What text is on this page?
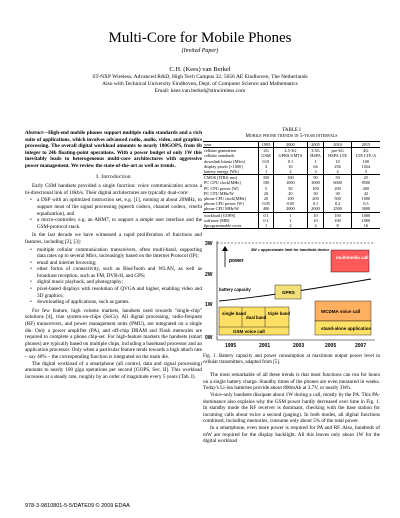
Multi-Core for Mobile Phones
(Invited Paper)
C.H. (Kees) van Berkel
ST-NXP Wireless, Advanced R&D, High Tech Campus 32, 5656 AE Eindhoven, The Netherlands
Also with Technical University Eindhoven, Dept. of Computer Science and Mathematics
Email: kees.van.berkel@stnwireless.com
Abstract—High-end mobile phones support multiple radio standards and a rich suite of applications, which involves advanced radio, audio, video, and graphics processing. The overall digital workload amounts to nearly 100GOPS, from 6b integer to 24b floating-point operations. With a power budget of only 1W this inevitably leads to heterogeneous multi-core architectures with aggressive power management. We review the state-of-the-art as well as trends.
I. Introduction

Early GSM handsets provided a single function: voice communication across a bi-directional link of 10kb/s. Their digital architectures are typically dual-core:

• a DSP with an optimized instruction set, e.g. [1], running at about 20MHz, to support most of the signal processing (speech codecs, channel codecs, viterbi equalization), and
• a micro-controller, e.g. an ARM7, to support a simple user interface and the GSM-protocol stack.

In the last decade we have witnessed a rapid proliferation of functions and features, including [2], [3]:

• multiple cellular communication transceivers, often multi-band, supporting data rates up to several Mb/s, increasingly based on the Internet Protocol (IP);
• email and internet browsing;
• other forms of connectivity, such as BlueTooth and WLAN, as well as broadcast reception, such as FM, DVB-H, and GPS;
• digital music playback, and photography;
• pixel-based displays with resolution of QVGA and higher, enabling video and 3D graphics;
• downloading of applications, such as games.

For few feature, high volume markets, handsets used towards "single-chip" solutions [4], true system-on-chips (SoCs). All digital processing, radio-frequent (RF) transceivers, and power management units (PMU), are integrated on a single die. Only a power amplifier (PA), and off-chip DRAM and Flash memories are required to complete a phone chip-set. For high-feature markets the handsets (smart phones) are typically based on multiple chips, including a baseband processor and an application processor. Only when a particular feature tends towards a high attach rate – say 40% – the corresponding function is integrated on the main die.

The digital workload of a smartphone (all control, data and signal processing) amounts to nearly 100 giga operations per second [GOPS, Sec. II]. This workload increases at a steady rate, roughly by an order of magnitude every 5 years (Tab. I).

TABLE I
Mobile phone trends in 5-year intervals
year	1995	2000	2005	2010	2015
cellular generation	2G	2.5-3G	3.5G	pre-4G	4G
cellular standards	GSM	GPRS UMTS	HSPA	HSPA LTE	LTE LTE-A
downlink bitrate [Mb/s]	0.01	0.1	1	10	100
display pixels [×1000]	4	16	64	256	1024
battery energy [Wh]	1	2	3	4	5
CMOS [ITRS, nm]	350	180	90	50	25
PC CPU clock[MHz]	100	1000	3000	6000	8500
PC CPU power [W]	5	50	100	200	200
PC CPU MHz/W	20	20	30	30	42
phone CPU clock[MHz]	20	100	200	500	1000
phone CPU power [W]	0.05	0.05	0.1	0.2	0.3
phone CPU MHz/W	400	2000	2000	2500	3000
workload [GOPS]	0.1	1	10	100	1000
software [MB]	0.1	1	10	100	1000
#programmable cores	1	2	4	8	16
3W
2W
1W
0W
3W = approximate limit for handheld device
power
multimedia call
battery capacity
GPRS
single band
dual band
triple band
GSM voice call
WCDMA voice call
stand-alone application
1995	2001	2003	2005	2007
Fig. 1. Battery capacity and power consumption at maximum output power level in cellular transmitters, adapted from [5].

The most remarkable of all these trends is that most functions can run for hours on a single battery charge. Standby times of the phones are even measured in weeks. Today's Li-ion batteries provide about 800mAh at 3.7V, or nearly 3Wh.

Voice-only handsets dissipate about 1W during a call, mostly by the PA. This PA-dominance also explains why the GSM power hardly decreased over time in Fig. 1. In standby mode the RF receiver is dominant, checking with the base station for incoming calls about twice a second (paging). In both modes, all digital functions combined, including memories, consume only about 5% of the total power.

In a smartphone, even more power is required for PA and RF. Also, hundreds of mW are required for the display backlight. All this leaves only about 1W for the digital workload

978-3-9810801-5-5/DATE09 © 2009 EDAA
